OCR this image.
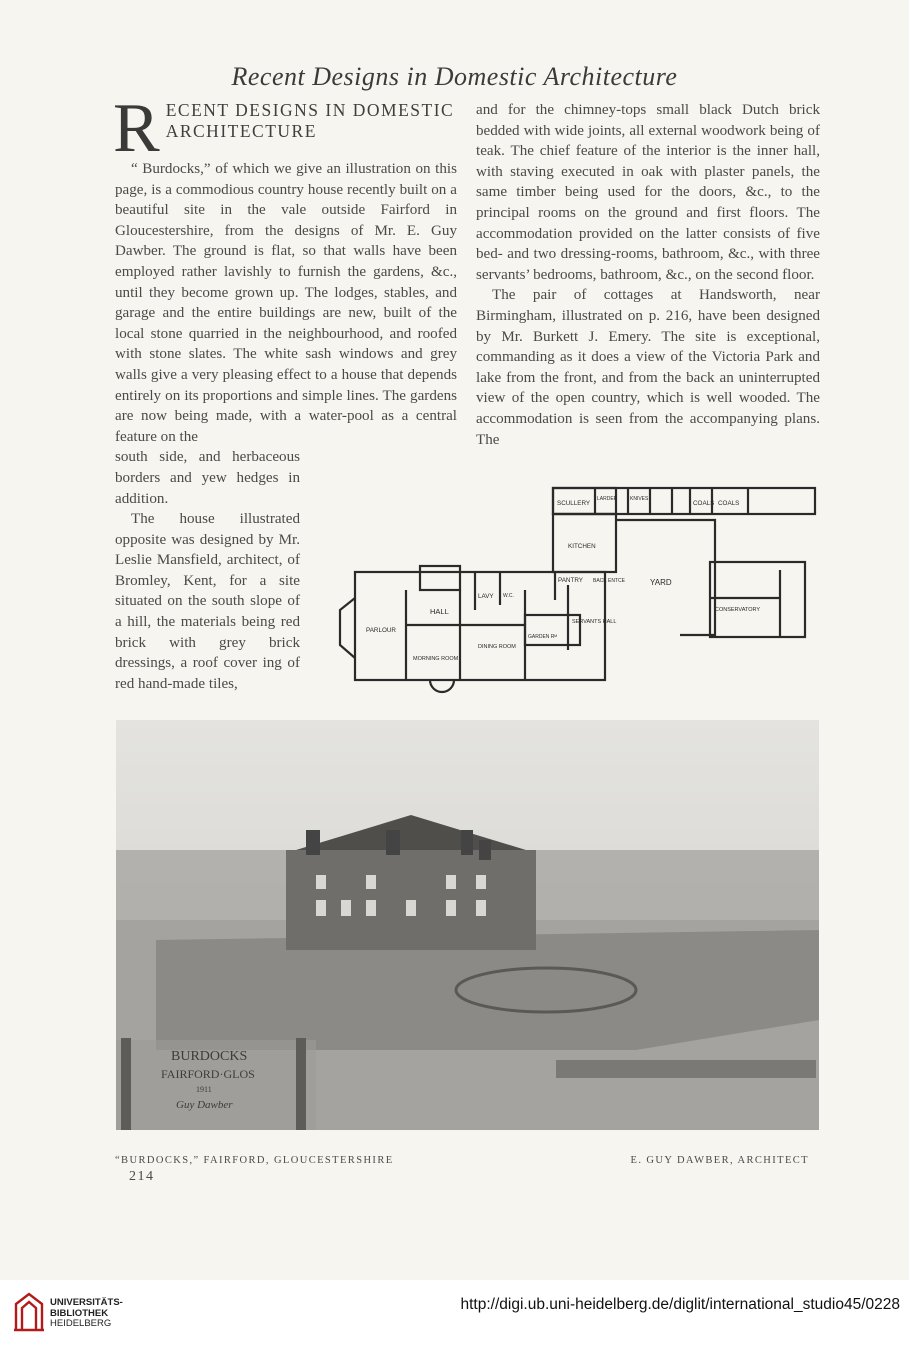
Recent Designs in Domestic Architecture
R ECENT DESIGNS IN DOMESTIC
ARCHITECTURE

“ Burdocks,” of which we give an illustration on this page, is a commodious country house recently built on a beautiful site in the vale outside Fairford in Gloucestershire, from the designs of Mr. E. Guy Dawber. The ground is flat, so that walls have been employed rather lavishly to furnish the gardens, &c., until they become grown up. The lodges, stables, and garage and the entire buildings are new, built of the local stone quarried in the neighbourhood, and roofed with stone slates. The white sash windows and grey walls give a very pleasing effect to a house that depends entirely on its proportions and simple lines. The gardens are now being made, with a water-pool as a central feature on the

south side, and herbaceous borders and yew hedges in addition.

The house illustrated opposite was designed by Mr. Leslie Mansfield, architect, of Bromley, Kent, for a site situated on the south slope of a hill, the materials being red brick with grey brick dressings, a roof cover ing of red hand-made tiles,

and for the chimney-tops small black Dutch brick bedded with wide joints, all external woodwork being of teak. The chief feature of the interior is the inner hall, with staving executed in oak with plaster panels, the same timber being used for the doors, &c., to the principal rooms on the ground and first floors. The accommodation provided on the latter consists of five bed- and two dressing-rooms, bathroom, &c., with three servants’ bedrooms, bathroom, &c., on the second floor.

The pair of cottages at Handsworth, near Birmingham, illustrated on p. 216, have been designed by Mr. Burkett J. Emery. The site is exceptional, commanding as it does a view of the Victoria Park and lake from the front, and from the back an uninterrupted view of the open country, which is well wooded. The accommodation is seen from the accompanying plans. The

SCULLERY
LARDER	KNIVES
COALS COALS
KITCHEN
PANTRY BACK ENTCE	YARD
LAVY W.C.
HALL
PARLOUR
SERVANTS HALL
GARDEN Rᴹ
DINING ROOM
MORNING ROOM
CONSERVATORY
BURDOCKS
FAIRFORD·GLOS
1911
Guy Dawber
“BURDOCKS,” FAIRFORD, GLOUCESTERSHIRE	E. GUY DAWBER, ARCHITECT
214
UNIVERSITÄTS-
BIBLIOTHEK
HEIDELBERG
http://digi.ub.uni-heidelberg.de/diglit/international_studio45/0228
